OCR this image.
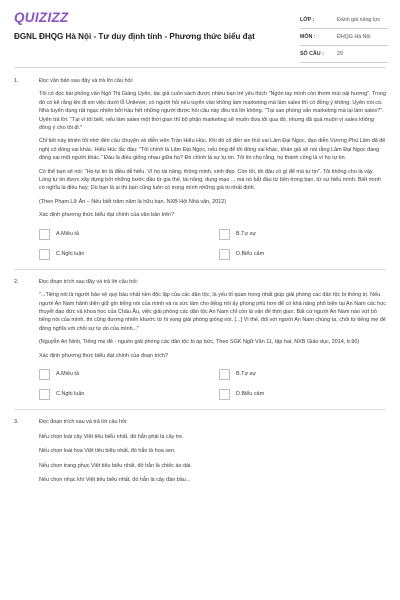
QUIZIZZ
ĐGNL ĐHQG Hà Nội - Tư duy định tính - Phương thức biểu đạt
LỚP :	Đánh giá năng lực
MÔN :	ĐHQG Hà Nội
SỐ CÂU :	29
1.	Đọc văn bản sau đây và trả lời câu hỏi:
Tôi có đọc bài phỏng vấn Ngô Thị Giáng Uyên, tác giả cuốn sách được nhiều bạn trẻ yêu thích "Ngón tay mình còn thơm mùi oải hương". Trong đó có kể rằng khi đi xin việc dưới lỗ Unilever, có người hỏi nếu tuyển vào không làm marketing mà làm sales thì có đồng ý không. Uyên nói có. Nhà tuyển dụng rất ngạc nhiên bởi hầu hết những người được hỏi câu này đều trả lời không. "Tại sao phòng vấn marketing mà lại làm sales?". Uyên trả lời: "Tại vì tôi biết, nếu làm sales một thời gian thì bộ phận marketing sẽ muốn đưa tôi qua đó, nhưng đã quá muộn vì sales không đồng ý cho tôi đi."
Chỉ tiết này khiến tôi nhớ đến câu chuyện về diễn viên Trần Hiểu Húc. Khi đó cô đến xin thử vai Lâm Đại Ngọc, đạo diễn Vương Phù Lâm đã để nghị cô đóng vai khác. Hiểu Húc lắc đầu: "Tôi chính là Lâm Đại Ngọc, nếu ông để tôi đóng vai khác, khán giả sẽ nói rằng Lâm Đại Ngọc đang đóng vai một người khác." Đâu là điều giống nhau giữa họ? Đó chính là sự tự tin. Tôi tin chọ rằng, họ thành công là vì họ tự tin.
Có thể bạn sẽ nói: "Họ tự tin là điều dễ hiểu. Vì họ tài năng, thông minh, xinh đẹp. Còn tôi, tôi đâu có gì để mà tự tin". Tôi không cho là vậy. Lòng tự tin được xây dựng bởi những bước đầu từ gia thế, tài năng, dung mạo ... mà nó bắt đầu từ bên trong bạn, từ sự hiểu mình. Biết mình có nghĩa là điều hay: Dù bạn là ai thì bạn cũng luôn có trong mình những giá trị nhất định.
(Theo Phạm Lữ Ân – Nếu biết trăm năm là hữu hạn, NXB Hội Nhà văn, 2012)
Xác định phương thức biểu đạt chính của văn bản trên?
A.Miêu tả	B.Tự sự
C.Nghị luận	D.Biểu cảm
2.	Đọc đoạn trích sau đây và trả lời câu hỏi:
"...Tiếng nói là người bảo vệ quý báu nhất nền độc lập của các dân tộc, là yếu tố quan trọng nhất giúp giải phóng các dân tộc bị thống trị. Nếu người An Nam hãnh diện giữ gìn tiếng nói của mình và ra sức làm cho tiếng nói ấy phong phú hơn để có khả năng phổ biến tại An Nam các học thuyết đạo đức và khoa học của Châu Âu, việc giải phóng các dân tộc An Nam chỉ còn là vấn đề thời gian. Bất cứ người An Nam nào vứt bỏ tiếng nói của mình, thì cũng đương nhiên khước từ hi vọng giải phóng giống nòi. [...] Vì thế, đối với người An Nam chúng ta, chối từ tiếng mẹ đẻ đồng nghĩa với chối sự tự do của mình..."
(Nguyễn An Ninh, Tiếng mẹ đẻ - nguồn giải phóng các dân tộc bị áp bức, Theo SGK Ngữ Văn 11, tập hai, NXB Giáo dục, 2014, tr.90)
Xác định phương thức biểu đạt chính của đoạn trích?
A.Miêu tả	B.Tự sự
C.Nghị luận	D.Biểu cảm
3.	Đọc đoạn trích sau và trả lời câu hỏi:
Nếu chọn loài cây Việt tiêu biểu nhất, đó hẳn phải là cây tre.
Nếu chọn loài hoa Việt tiêu biểu nhất, đó hẳn là hoa sen.
Nếu chọn trang phục Việt tiêu biểu nhất, đó hẳn là chiếc áo dài.
Nếu chọn nhạc khí Việt tiêu biểu nhất, đó hẳn là cây đàn bầu...
